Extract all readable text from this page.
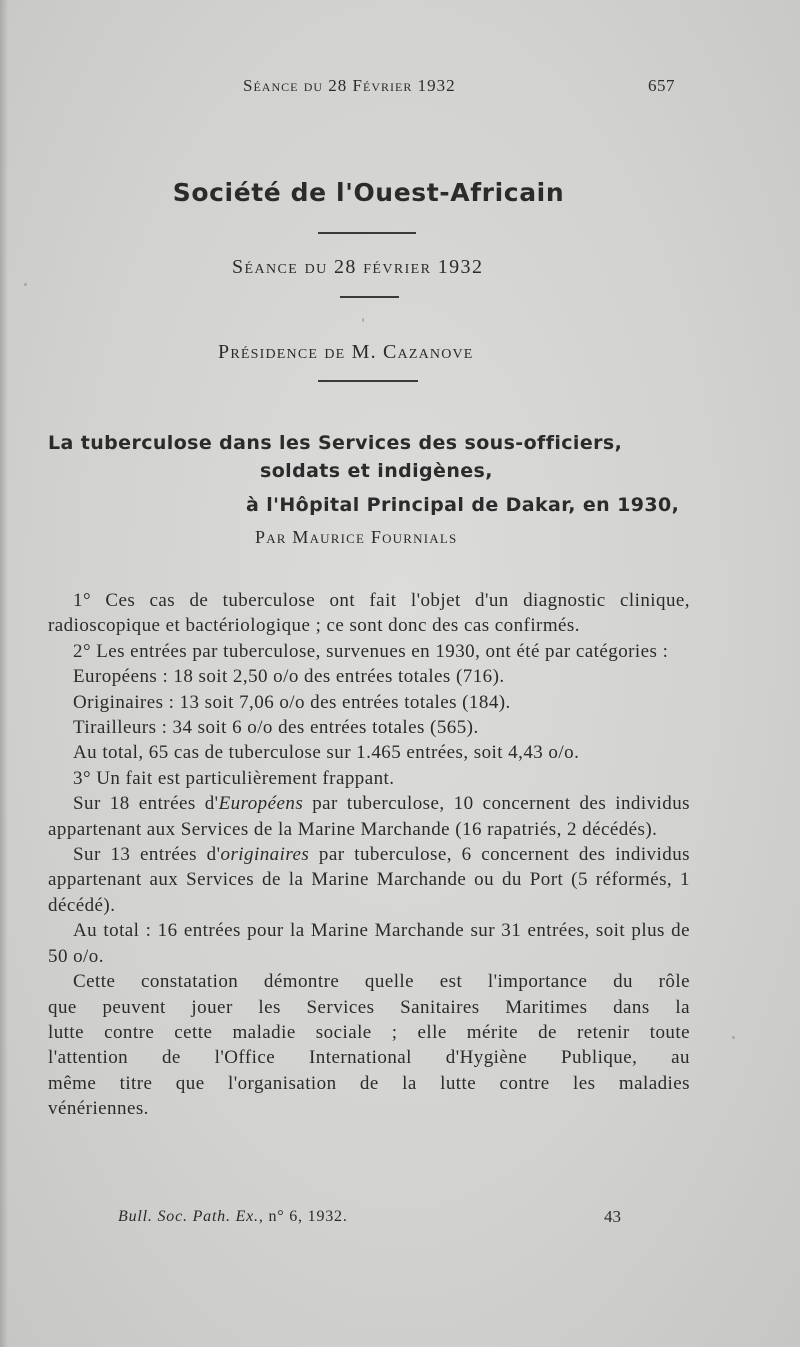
Séance du 28 Février 1932	657
Société de l'Ouest-Africain
Séance du 28 février 1932
Présidence de M. Cazanove
La tuberculose dans les Services des sous-officiers,
soldats et indigènes,
à l'Hôpital Principal de Dakar, en 1930,
Par Maurice Fournials

1° Ces cas de tuberculose ont fait l'objet d'un diagnostic clinique, radioscopique et bactériologique ; ce sont donc des cas confirmés.

2° Les entrées par tuberculose, survenues en 1930, ont été par catégories :

Européens : 18 soit 2,50 o/o des entrées totales (716).

Originaires : 13 soit 7,06 o/o des entrées totales (184).

Tirailleurs : 34 soit 6 o/o des entrées totales (565).

Au total, 65 cas de tuberculose sur 1.465 entrées, soit 4,43 o/o.

3° Un fait est particulièrement frappant.

Sur 18 entrées d'Européens par tuberculose, 10 concernent des individus appartenant aux Services de la Marine Marchande (16 rapatriés, 2 décédés).

Sur 13 entrées d'originaires par tuberculose, 6 concernent des individus appartenant aux Services de la Marine Marchande ou du Port (5 réformés, 1 décédé).

Au total : 16 entrées pour la Marine Marchande sur 31 entrées, soit plus de 50 o/o.

Cette constatation démontre quelle est l'importance du rôle
que peuvent jouer les Services Sanitaires Maritimes dans la
lutte contre cette maladie sociale ; elle mérite de retenir toute
l'attention de l'Office International d'Hygiène Publique, au
même titre que l'organisation de la lutte contre les maladies
vénériennes.
Bull. Soc. Path. Ex., n° 6, 1932.	43
